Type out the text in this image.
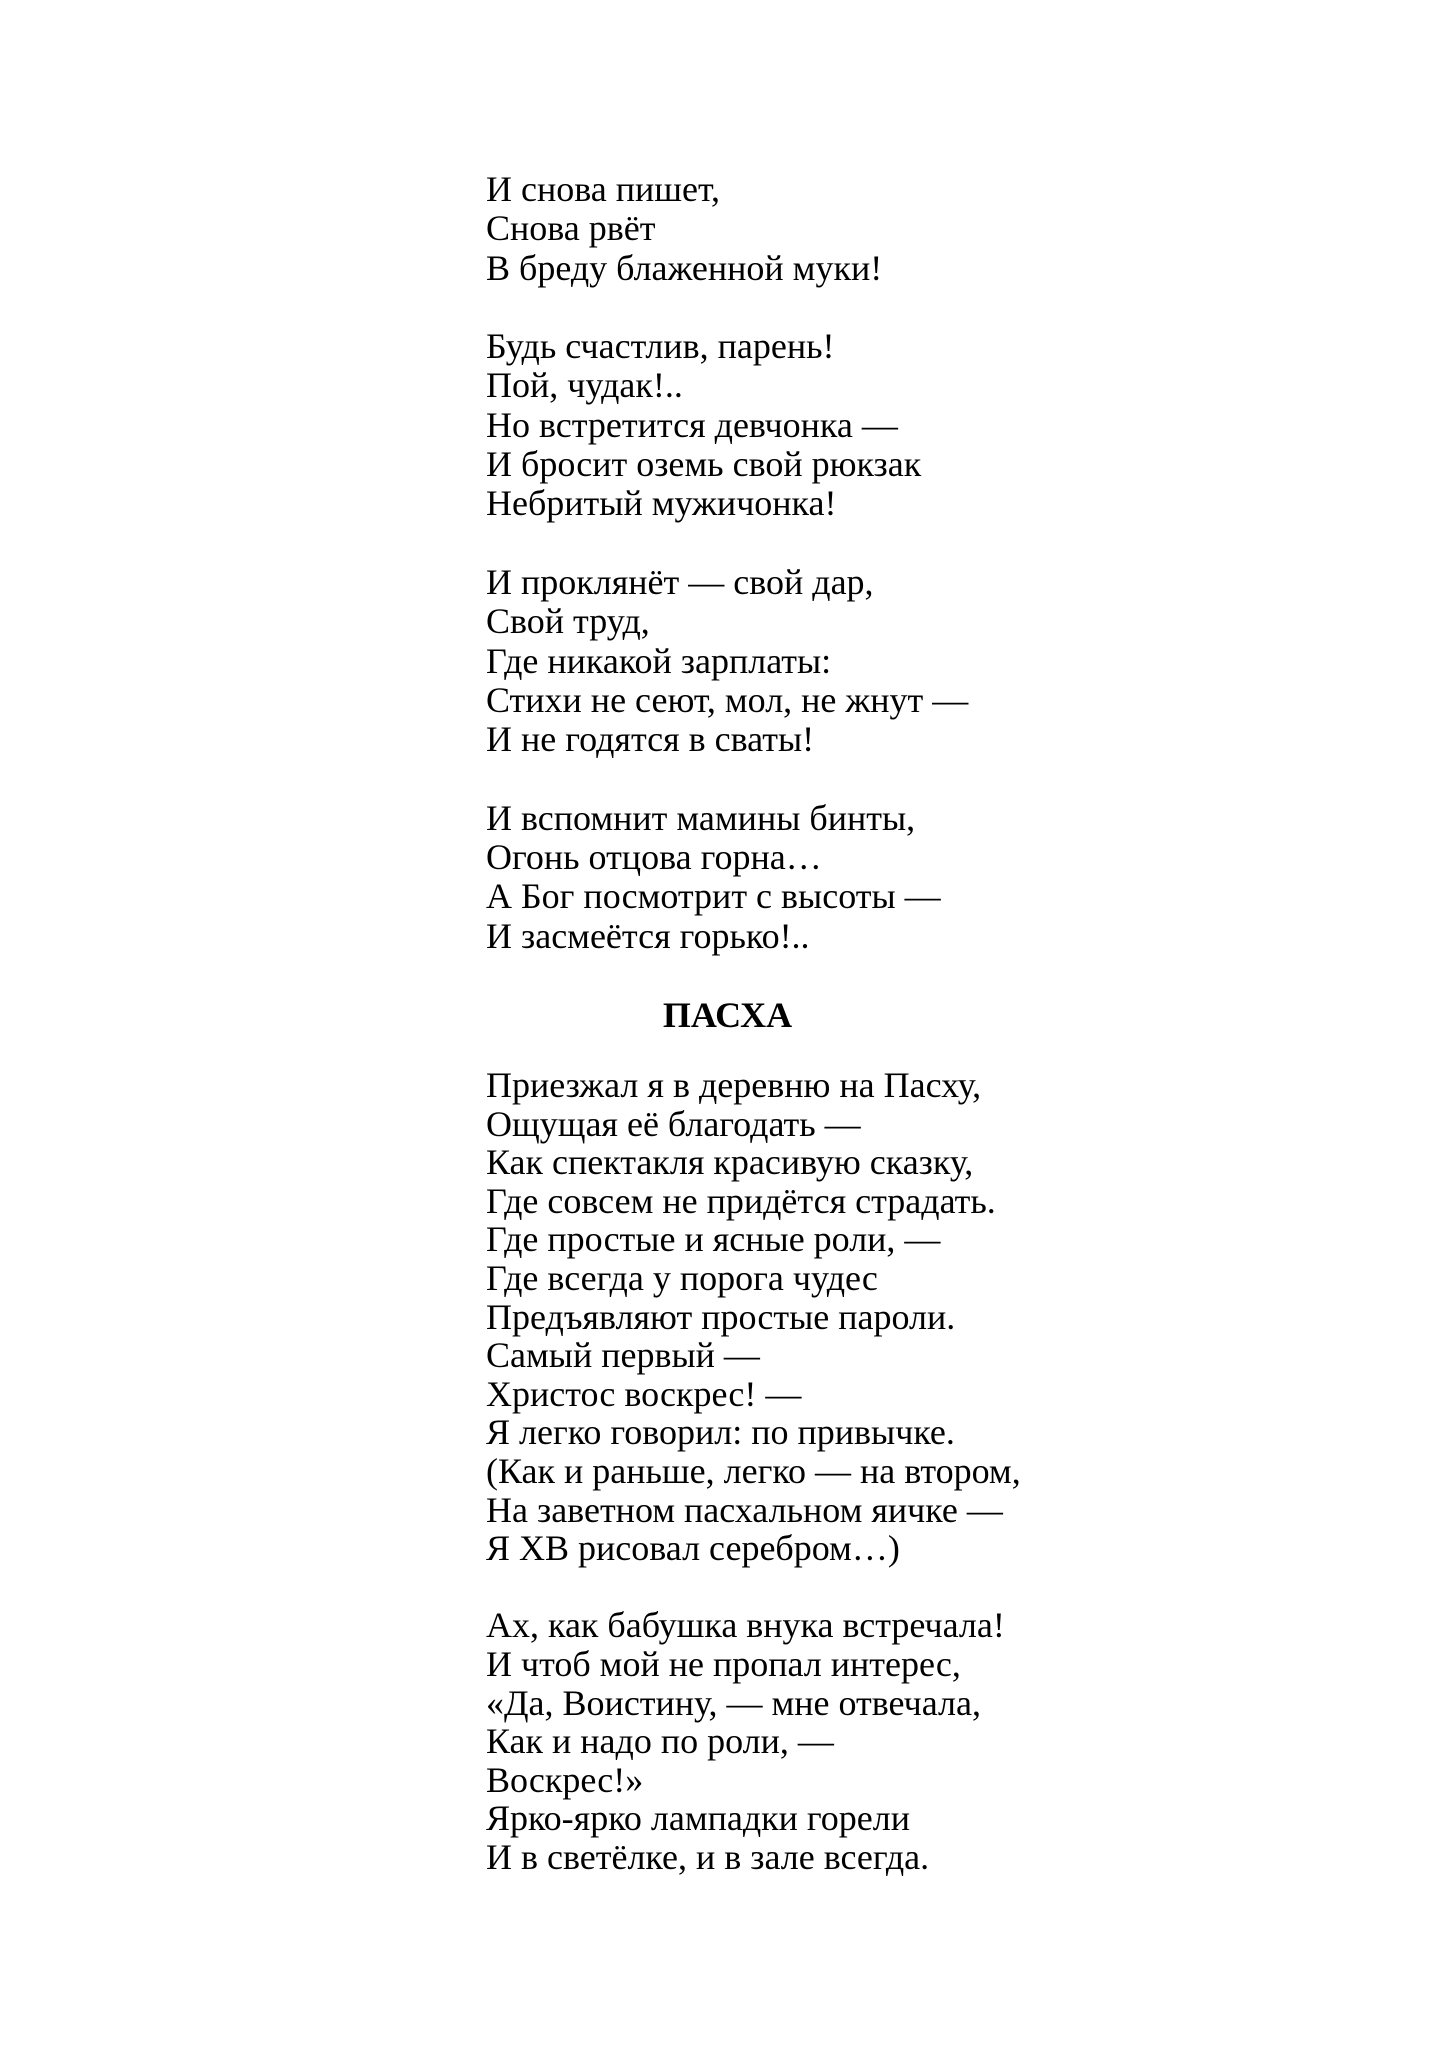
И снова пишет,
Снова рвёт
В бреду блаженной муки!
Будь счастлив, парень!
Пой, чудак!..
Но встретится девчонка —
И бросит оземь свой рюкзак
Небритый мужичонка!
И проклянёт — свой дар,
Свой труд,
Где никакой зарплаты:
Стихи не сеют, мол, не жнут —
И не годятся в сваты!
И вспомнит мамины бинты,
Огонь отцова горна…
А Бог посмотрит с высоты —
И засмеётся горько!..
ПАСХА
Приезжал я в деревню на Пасху,
Ощущая её благодать —
Как спектакля красивую сказку,
Где совсем не придётся страдать.
Где простые и ясные роли, —
Где всегда у порога чудес
Предъявляют простые пароли.
Самый первый —
Христос воскрес! —
Я легко говорил: по привычке.
(Как и раньше, легко — на втором,
На заветном пасхальном яичке —
Я ХВ рисовал серебром…)
Ах, как бабушка внука встречала!
И чтоб мой не пропал интерес,
«Да, Воистину, — мне отвечала,
Как и надо по роли, —
Воскрес!»
Ярко-ярко лампадки горели
И в светёлке, и в зале всегда.
